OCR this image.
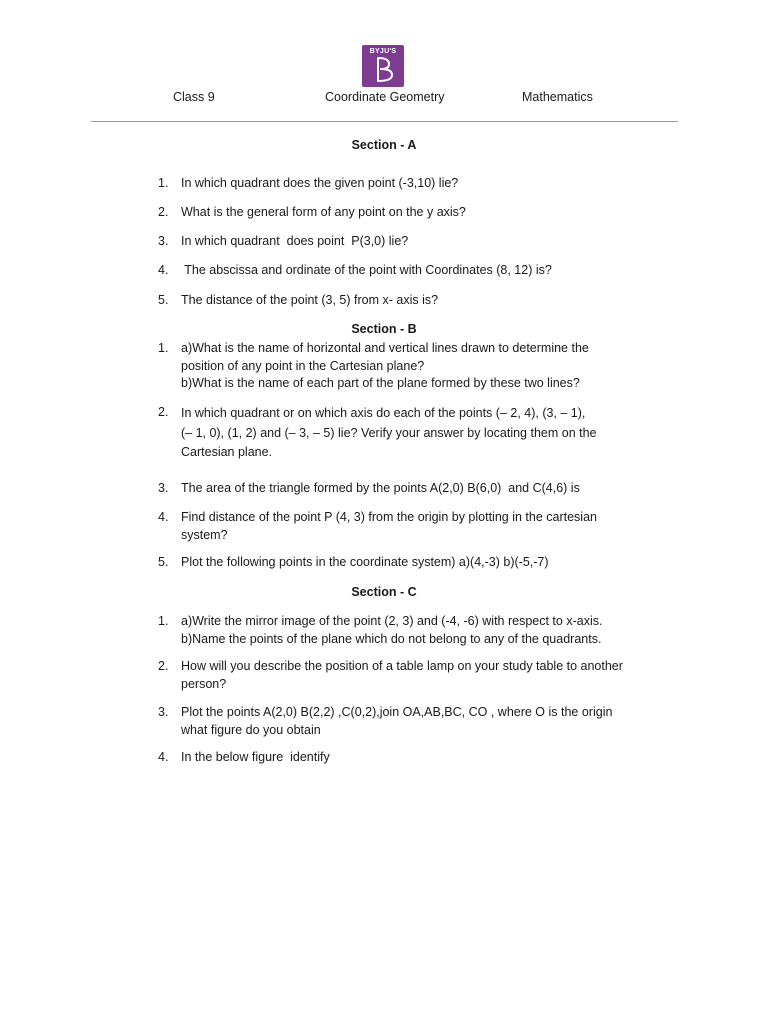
BYJU'S
Class 9	Coordinate Geometry	Mathematics
Section - A
1. In which quadrant does the given point (-3,10) lie?
2. What is the general form of any point on the y axis?
3. In which quadrant  does point  P(3,0) lie?
4. The abscissa and ordinate of the point with Coordinates (8, 12) is?
5. The distance of the point (3, 5) from x- axis is?
Section - B
1. a)What is the name of horizontal and vertical lines drawn to determine the
position of any point in the Cartesian plane?
b)What is the name of each part of the plane formed by these two lines?
2. In which quadrant or on which axis do each of the points (– 2, 4), (3, – 1),
(– 1, 0), (1, 2) and (– 3, – 5) lie? Verify your answer by locating them on the
Cartesian plane.
3. The area of the triangle formed by the points A(2,0) B(6,0)  and C(4,6) is
4. Find distance of the point P (4, 3) from the origin by plotting in the cartesian
system?
5. Plot the following points in the coordinate system) a)(4,-3) b)(-5,-7)
Section - C
1. a)Write the mirror image of the point (2, 3) and (-4, -6) with respect to x-axis.
b)Name the points of the plane which do not belong to any of the quadrants.
2. How will you describe the position of a table lamp on your study table to another
person?
3. Plot the points A(2,0) B(2,2) ,C(0,2),join OA,AB,BC, CO , where O is the origin
what figure do you obtain
4. In the below figure  identify
